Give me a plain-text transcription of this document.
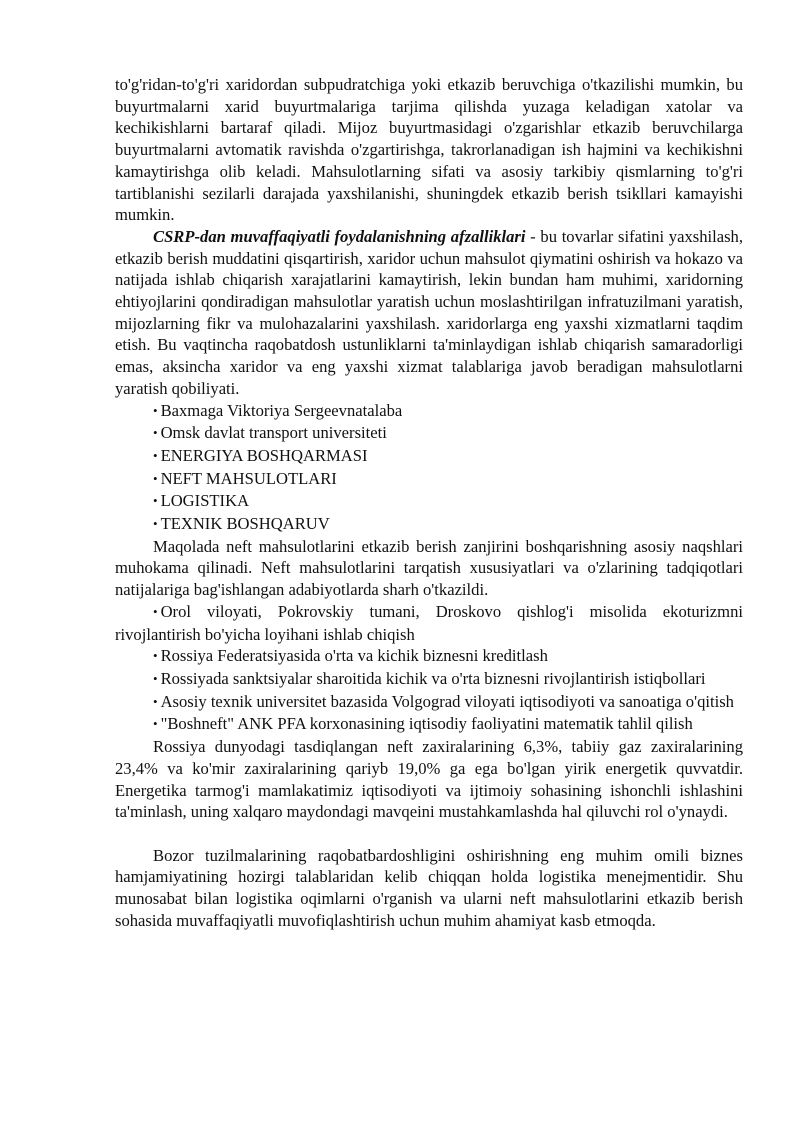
to'g'ridan-to'g'ri xaridordan subpudratchiga yoki etkazib beruvchiga o'tkazilishi mumkin, bu buyurtmalarni xarid buyurtmalariga tarjima qilishda yuzaga keladigan xatolar va kechikishlarni bartaraf qiladi. Mijoz buyurtmasidagi o'zgarishlar etkazib beruvchilarga buyurtmalarni avtomatik ravishda o'zgartirishga, takrorlanadigan ish hajmini va kechikishni kamaytirishga olib keladi. Mahsulotlarning sifati va asosiy tarkibiy qismlarning to'g'ri tartiblanishi sezilarli darajada yaxshilanishi, shuningdek etkazib berish tsikllari kamayishi mumkin.

CSRP-dan muvaffaqiyatli foydalanishning afzalliklari - bu tovarlar sifatini yaxshilash, etkazib berish muddatini qisqartirish, xaridor uchun mahsulot qiymatini oshirish va hokazo va natijada ishlab chiqarish xarajatlarini kamaytirish, lekin bundan ham muhimi, xaridorning ehtiyojlarini qondiradigan mahsulotlar yaratish uchun moslashtirilgan infratuzilmani yaratish, mijozlarning fikr va mulohazalarini yaxshilash. xaridorlarga eng yaxshi xizmatlarni taqdim etish. Bu vaqtincha raqobatdosh ustunliklarni ta'minlaydigan ishlab chiqarish samaradorligi emas, aksincha xaridor va eng yaxshi xizmat talablariga javob beradigan mahsulotlarni yaratish qobiliyati.

• Baxmaga Viktoriya Sergeevnatalaba

• Omsk davlat transport universiteti

• ENERGIYA BOSHQARMASI

• NEFT MAHSULOTLARI

• LOGISTIKA

• TEXNIK BOSHQARUV

Maqolada neft mahsulotlarini etkazib berish zanjirini boshqarishning asosiy naqshlari muhokama qilinadi. Neft mahsulotlarini tarqatish xususiyatlari va o'zlarining tadqiqotlari natijalariga bag'ishlangan adabiyotlarda sharh o'tkazildi.

• Orol viloyati, Pokrovskiy tumani, Droskovo qishlog'i misolida ekoturizmni rivojlantirish bo'yicha loyihani ishlab chiqish

• Rossiya Federatsiyasida o'rta va kichik biznesni kreditlash

• Rossiyada sanktsiyalar sharoitida kichik va o'rta biznesni rivojlantirish istiqbollari

• Asosiy texnik universitet bazasida Volgograd viloyati iqtisodiyoti va sanoatiga o'qitish

• "Boshneft" ANK PFA korxonasining iqtisodiy faoliyatini matematik tahlil qilish

Rossiya dunyodagi tasdiqlangan neft zaxiralarining 6,3%, tabiiy gaz zaxiralarining 23,4% va ko'mir zaxiralarining qariyb 19,0% ga ega bo'lgan yirik energetik quvvatdir. Energetika tarmog'i mamlakatimiz iqtisodiyoti va ijtimoiy sohasining ishonchli ishlashini ta'minlash, uning xalqaro maydondagi mavqeini mustahkamlashda hal qiluvchi rol o'ynaydi.

Bozor tuzilmalarining raqobatbardoshligini oshirishning eng muhim omili biznes hamjamiyatining hozirgi talablaridan kelib chiqqan holda logistika menejmentidir. Shu munosabat bilan logistika oqimlarni o'rganish va ularni neft mahsulotlarini etkazib berish sohasida muvaffaqiyatli muvofiqlashtirish uchun muhim ahamiyat kasb etmoqda.
